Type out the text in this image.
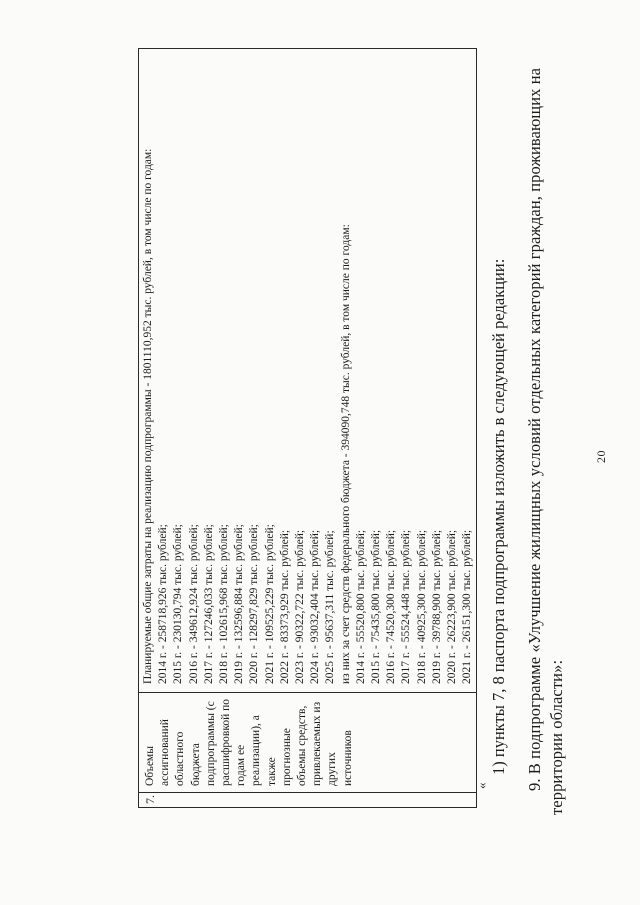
20
9. В подпрограмме «Улучшение жилищных условий отдельных категорий граждан, проживающих на территории области»:
1) пункты 7, 8 паспорта подпрограммы изложить в следующей редакции:
«
7.
Объемы ассигнований областного бюджета подпрограммы (с расшифровкой по годам ее реализации), а также прогнозные объемы средств, привлекаемых из других источников
Планируемые общие затраты на реализацию подпрограммы - 1801110,952 тыс. рублей, в том числе по годам: 2014 г. - 258718,926 тыс. рублей; 2015 г. - 230130,794 тыс. рублей; 2016 г. - 349612,924 тыс. рублей; 2017 г. - 127246,033 тыс. рублей; 2018 г. - 102615,968 тыс. рублей; 2019 г. - 132596,884 тыс. рублей; 2020 г. - 128297,829 тыс. рублей; 2021 г. - 109525,229 тыс. рублей; 2022 г. - 83373,929 тыс. рублей; 2023 г. - 90322,722 тыс. рублей; 2024 г. - 93032,404 тыс. рублей; 2025 г. - 95637,311 тыс. рублей; из них за счет средств федерального бюджета - 394090,748 тыс. рублей, в том числе по годам: 2014 г. - 55520,800 тыс. рублей; 2015 г. - 75435,800 тыс. рублей; 2016 г. - 74520,300 тыс. рублей; 2017 г. - 55524,448 тыс. рублей; 2018 г. - 40925,300 тыс. рублей; 2019 г. - 39788,900 тыс. рублей; 2020 г. - 26223,900 тыс. рублей; 2021 г. - 26151,300 тыс. рублей;
